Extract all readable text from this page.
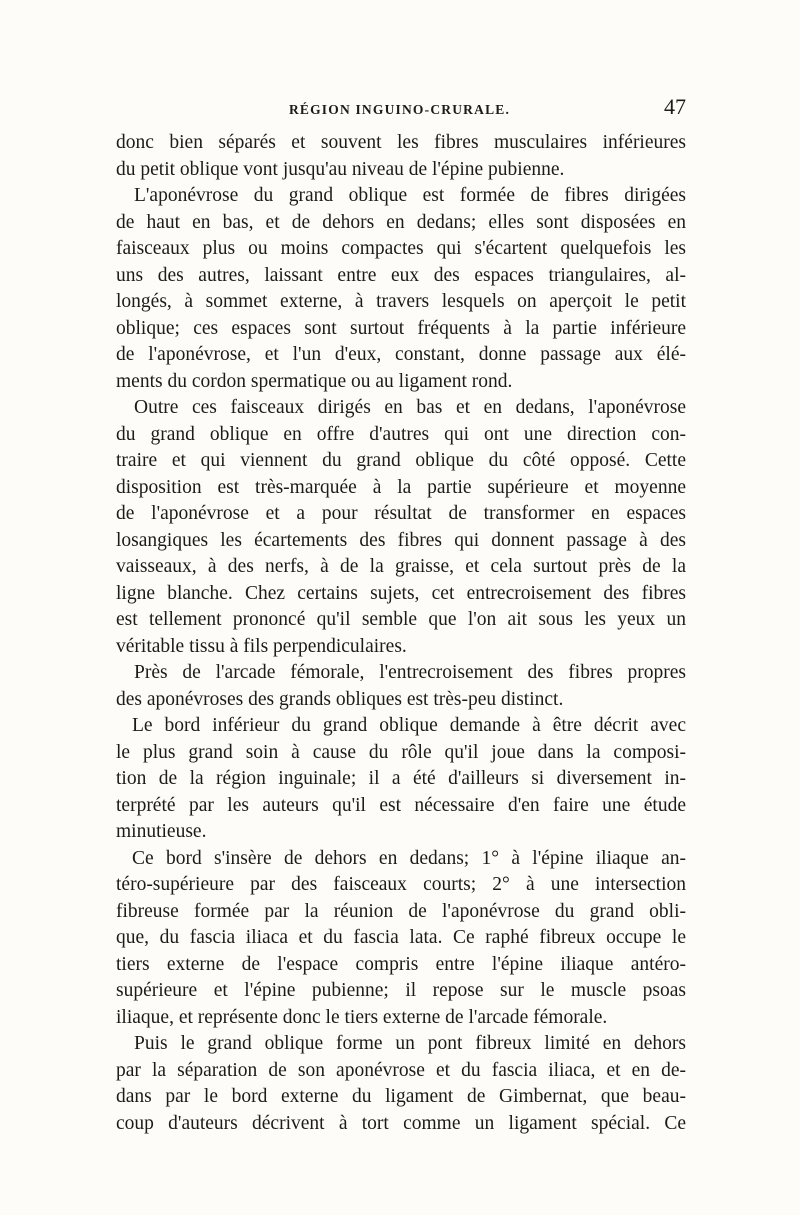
RÉGION INGUINO-CRURALE.	47
donc bien séparés et souvent les fibres musculaires inférieures
du petit oblique vont jusqu'au niveau de l'épine pubienne.
L'aponévrose du grand oblique est formée de fibres dirigées
de haut en bas, et de dehors en dedans; elles sont disposées en
faisceaux plus ou moins compactes qui s'écartent quelquefois les
uns des autres, laissant entre eux des espaces triangulaires, al-
longés, à sommet externe, à travers lesquels on aperçoit le petit
oblique; ces espaces sont surtout fréquents à la partie inférieure
de l'aponévrose, et l'un d'eux, constant, donne passage aux élé-
ments du cordon spermatique ou au ligament rond.
Outre ces faisceaux dirigés en bas et en dedans, l'aponévrose
du grand oblique en offre d'autres qui ont une direction con-
traire et qui viennent du grand oblique du côté opposé. Cette
disposition est très-marquée à la partie supérieure et moyenne
de l'aponévrose et a pour résultat de transformer en espaces
losangiques les écartements des fibres qui donnent passage à des
vaisseaux, à des nerfs, à de la graisse, et cela surtout près de la
ligne blanche. Chez certains sujets, cet entrecroisement des fibres
est tellement prononcé qu'il semble que l'on ait sous les yeux un
véritable tissu à fils perpendiculaires.
Près de l'arcade fémorale, l'entrecroisement des fibres propres
des aponévroses des grands obliques est très-peu distinct.
Le bord inférieur du grand oblique demande à être décrit avec
le plus grand soin à cause du rôle qu'il joue dans la composi-
tion de la région inguinale; il a été d'ailleurs si diversement in-
terprété par les auteurs qu'il est nécessaire d'en faire une étude
minutieuse.
Ce bord s'insère de dehors en dedans; 1° à l'épine iliaque an-
téro-supérieure par des faisceaux courts; 2° à une intersection
fibreuse formée par la réunion de l'aponévrose du grand obli-
que, du fascia iliaca et du fascia lata. Ce raphé fibreux occupe le
tiers externe de l'espace compris entre l'épine iliaque antéro-
supérieure et l'épine pubienne; il repose sur le muscle psoas
iliaque, et représente donc le tiers externe de l'arcade fémorale.
Puis le grand oblique forme un pont fibreux limité en dehors
par la séparation de son aponévrose et du fascia iliaca, et en de-
dans par le bord externe du ligament de Gimbernat, que beau-
coup d'auteurs décrivent à tort comme un ligament spécial. Ce
